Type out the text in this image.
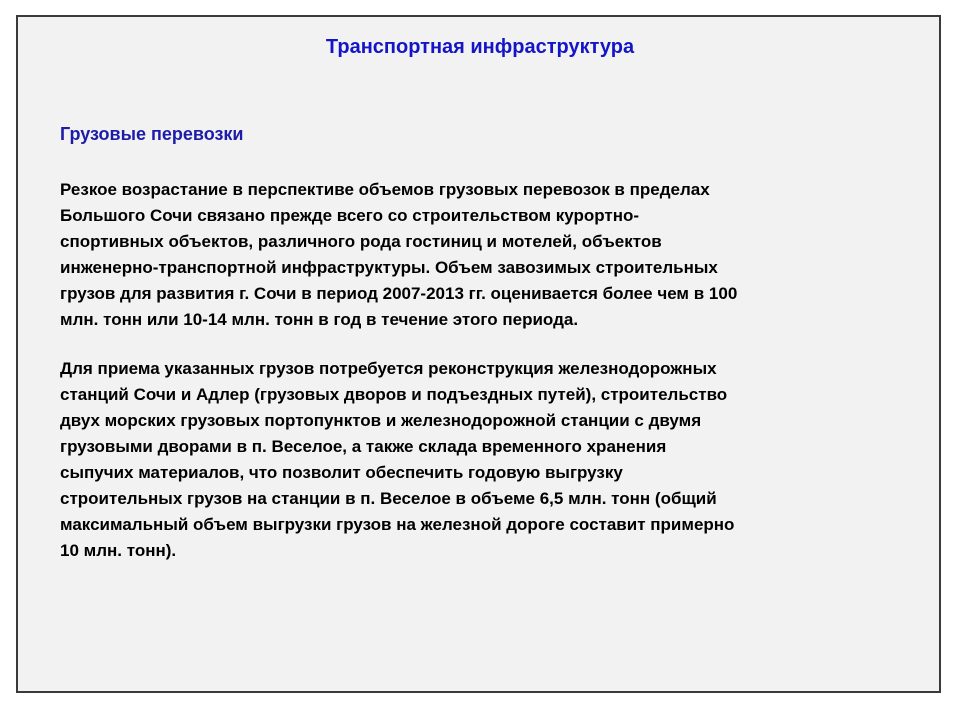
Транспортная инфраструктура
Грузовые перевозки

Резкое возрастание в перспективе объемов грузовых перевозок в пределах
Большого Сочи связано прежде всего со строительством курортно-
спортивных объектов, различного рода гостиниц и мотелей, объектов
инженерно-транспортной инфраструктуры. Объем завозимых строительных
грузов для развития г. Сочи в период 2007-2013 гг. оценивается более чем в 100
млн. тонн или 10-14 млн. тонн в год в течение этого периода.

Для приема указанных грузов потребуется реконструкция железнодорожных
станций Сочи и Адлер (грузовых дворов и подъездных путей), строительство
двух морских грузовых портопунктов и железнодорожной станции с двумя
грузовыми дворами в п. Веселое, а также склада временного хранения
сыпучих материалов, что позволит обеспечить годовую выгрузку
строительных грузов на станции в п. Веселое в объеме 6,5 млн. тонн (общий
максимальный объем выгрузки грузов на железной дороге составит примерно
10 млн. тонн).
